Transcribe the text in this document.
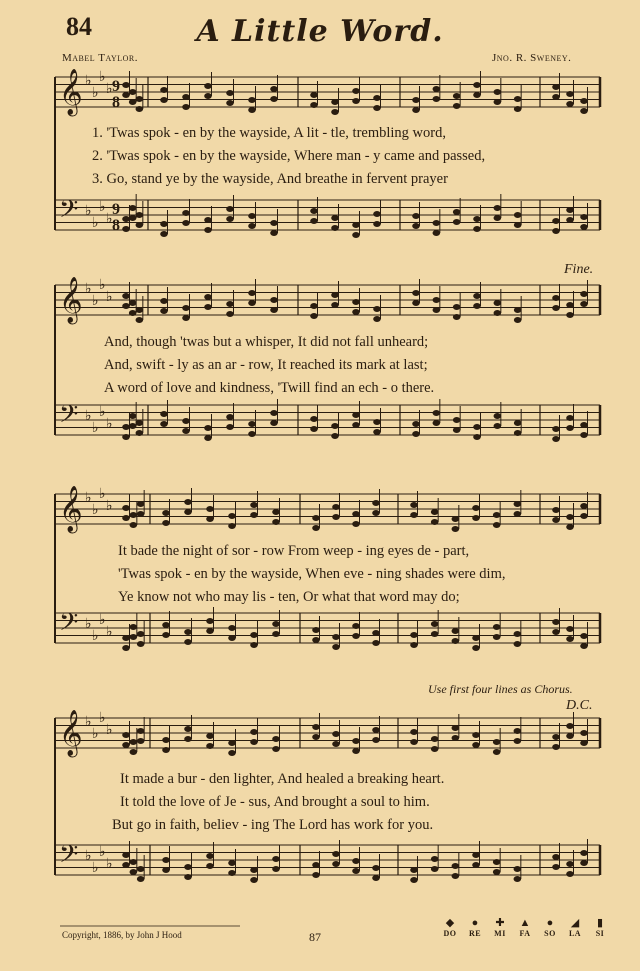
𝄞 ♭
♭
♭
♭ 9
8
𝄢 ♭
♭
♭
♭
9
8
𝄞 ♭
♭
♭
♭
𝄢 ♭
♭
♭
♭
𝄞 ♭
♭
♭
♭
𝄢 ♭
♭
♭
♭
𝄞 ♭
♭
♭
♭
𝄢 ♭
♭
♭
♭
84	A Little Word.
Mabel Taylor.	Jno. R. Sweney.
Fine.
Use first four lines as Chorus.
D.C.
1. 'Twas spok - en by the wayside, A lit - tle, trembling word,
2. 'Twas spok - en by the wayside, Where man - y came and passed,
3. Go, stand ye by the wayside, And breathe in fervent prayer
And, though 'twas but a whisper, It did not fall unheard;
And, swift - ly as an ar - row, It reached its mark at last;
A word of love and kindness, 'Twill find an ech - o there.
It bade the night of sor - row From weep - ing eyes de - part,
'Twas spok - en by the wayside, When eve - ning shades were dim,
Ye know not who may lis - ten, Or what that word may do;
It made a bur - den lighter, And healed a breaking heart.
It told the love of Je - sus, And brought a soul to him.
But go in faith, believ - ing The Lord has work for you.
Copyright, 1886, by John J Hood	87
◆
DO
●
RE
✚
MI
▲
FA
●
SO
◢
LA
▮
SI
